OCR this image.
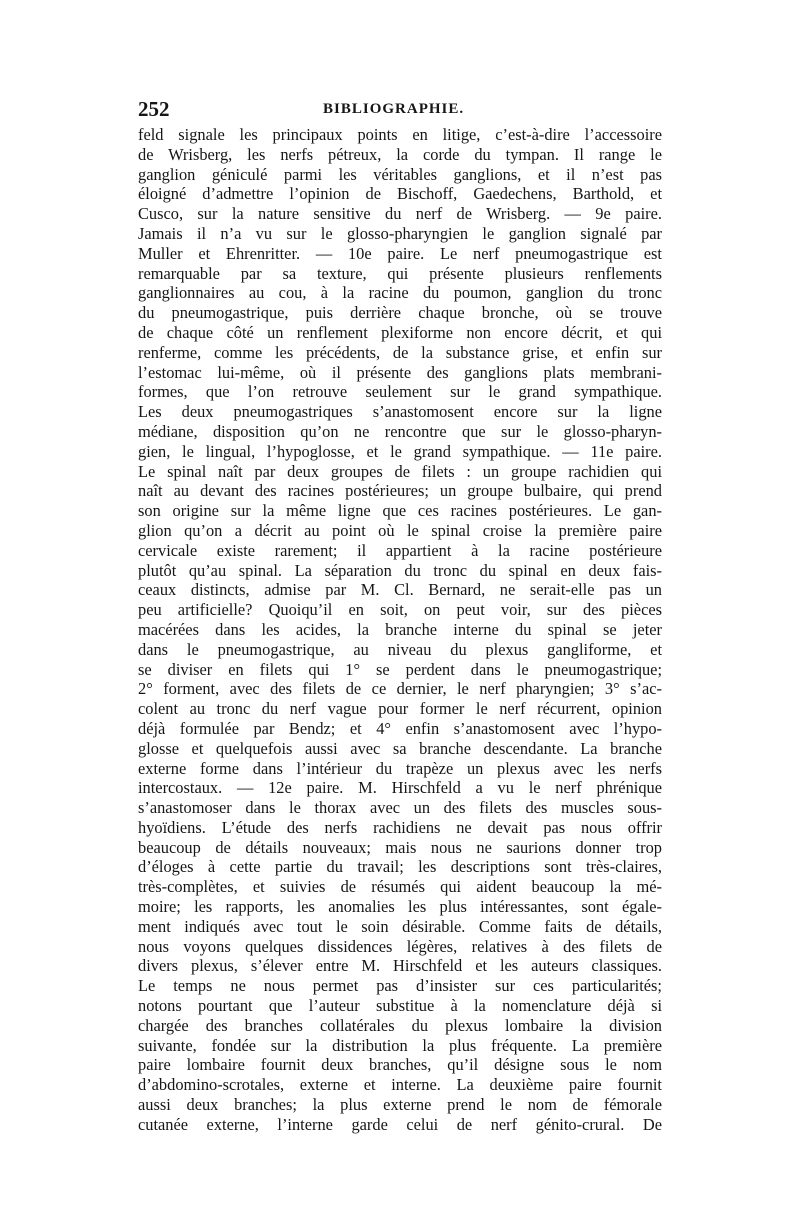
252	BIBLIOGRAPHIE.
feld signale les principaux points en litige, c’est-à-dire l’accessoire
de Wrisberg, les nerfs pétreux, la corde du tympan. Il range le
ganglion géniculé parmi les véritables ganglions, et il n’est pas
éloigné d’admettre l’opinion de Bischoff, Gaedechens, Barthold, et
Cusco, sur la nature sensitive du nerf de Wrisberg. — 9e paire.
Jamais il n’a vu sur le glosso-pharyngien le ganglion signalé par
Muller et Ehrenritter. — 10e paire. Le nerf pneumogastrique est
remarquable par sa texture, qui présente plusieurs renflements
ganglionnaires au cou, à la racine du poumon, ganglion du tronc
du pneumogastrique, puis derrière chaque bronche, où se trouve
de chaque côté un renflement plexiforme non encore décrit, et qui
renferme, comme les précédents, de la substance grise, et enfin sur
l’estomac lui-même, où il présente des ganglions plats membrani-
formes, que l’on retrouve seulement sur le grand sympathique.
Les deux pneumogastriques s’anastomosent encore sur la ligne
médiane, disposition qu’on ne rencontre que sur le glosso-pharyn-
gien, le lingual, l’hypoglosse, et le grand sympathique. — 11e paire.
Le spinal naît par deux groupes de filets : un groupe rachidien qui
naît au devant des racines postérieures; un groupe bulbaire, qui prend
son origine sur la même ligne que ces racines postérieures. Le gan-
glion qu’on a décrit au point où le spinal croise la première paire
cervicale existe rarement; il appartient à la racine postérieure
plutôt qu’au spinal. La séparation du tronc du spinal en deux fais-
ceaux distincts, admise par M. Cl. Bernard, ne serait-elle pas un
peu artificielle? Quoiqu’il en soit, on peut voir, sur des pièces
macérées dans les acides, la branche interne du spinal se jeter
dans le pneumogastrique, au niveau du plexus gangliforme, et
se diviser en filets qui 1° se perdent dans le pneumogastrique;
2° forment, avec des filets de ce dernier, le nerf pharyngien; 3° s’ac-
colent au tronc du nerf vague pour former le nerf récurrent, opinion
déjà formulée par Bendz; et 4° enfin s’anastomosent avec l’hypo-
glosse et quelquefois aussi avec sa branche descendante. La branche
externe forme dans l’intérieur du trapèze un plexus avec les nerfs
intercostaux. — 12e paire. M. Hirschfeld a vu le nerf phrénique
s’anastomoser dans le thorax avec un des filets des muscles sous-
hyoïdiens. L’étude des nerfs rachidiens ne devait pas nous offrir
beaucoup de détails nouveaux; mais nous ne saurions donner trop
d’éloges à cette partie du travail; les descriptions sont très-claires,
très-complètes, et suivies de résumés qui aident beaucoup la mé-
moire; les rapports, les anomalies les plus intéressantes, sont égale-
ment indiqués avec tout le soin désirable. Comme faits de détails,
nous voyons quelques dissidences légères, relatives à des filets de
divers plexus, s’élever entre M. Hirschfeld et les auteurs classiques.
Le temps ne nous permet pas d’insister sur ces particularités;
notons pourtant que l’auteur substitue à la nomenclature déjà si
chargée des branches collatérales du plexus lombaire la division
suivante, fondée sur la distribution la plus fréquente. La première
paire lombaire fournit deux branches, qu’il désigne sous le nom
d’abdomino-scrotales, externe et interne. La deuxième paire fournit
aussi deux branches; la plus externe prend le nom de fémorale
cutanée externe, l’interne garde celui de nerf génito-crural. De
